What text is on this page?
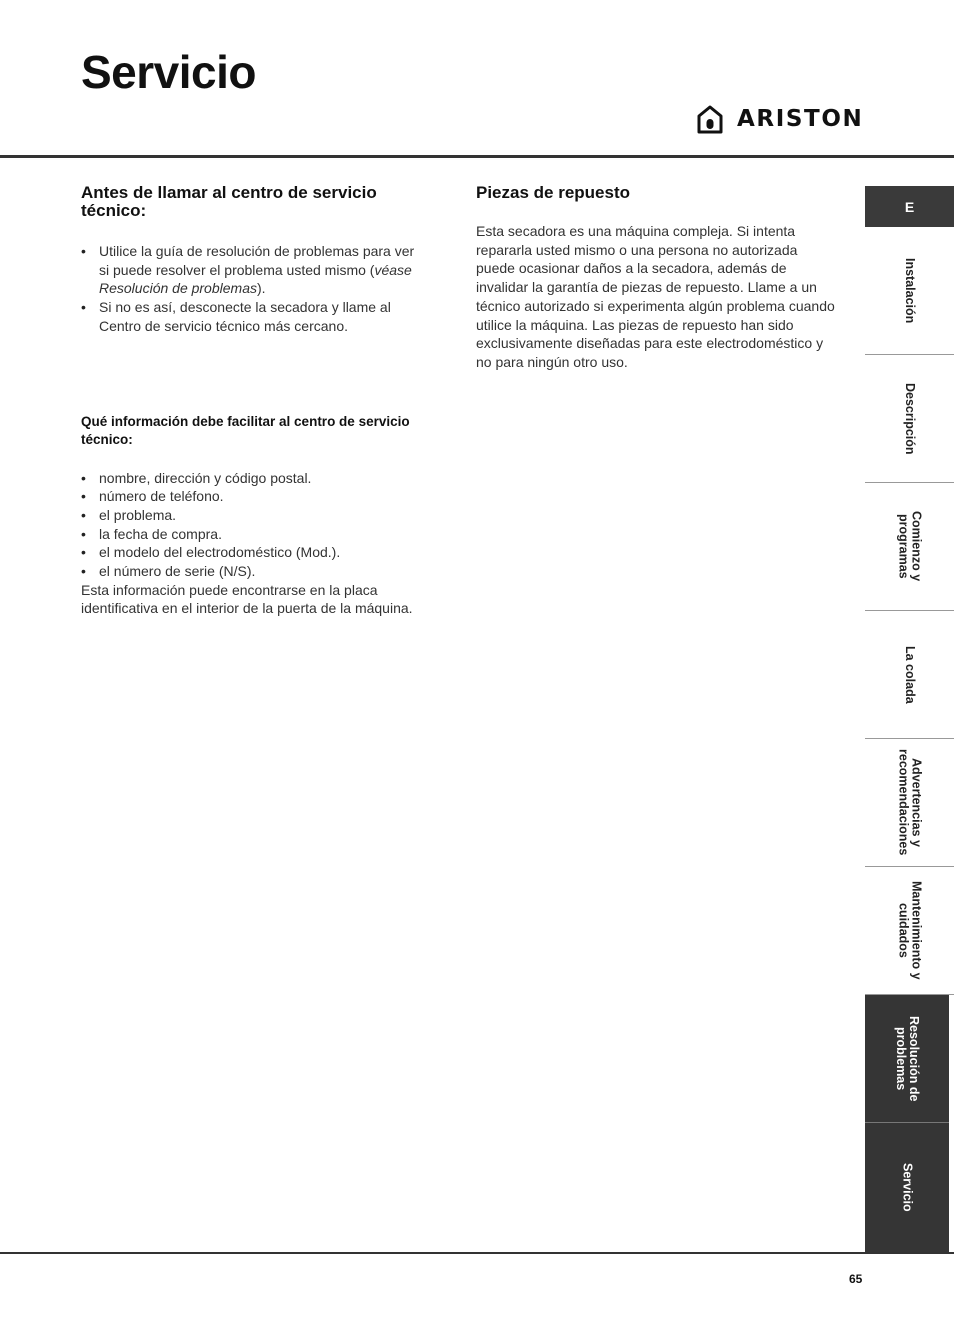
Servicio
ARISTON
Antes de llamar al centro de servicio técnico:
• Utilice la guía de resolución de problemas para ver si puede resolver el problema usted mismo (véase Resolución de problemas).
• Si no es así, desconecte la secadora y llame al Centro de servicio técnico más cercano.
Qué información debe facilitar al centro de servicio técnico:
• nombre, dirección y código postal.
• número de teléfono.
• el problema.
• la fecha de compra.
• el modelo del electrodoméstico (Mod.).
• el número de serie (N/S).

Esta información puede encontrarse en la placa identificativa en el interior de la puerta de la máquina.

Piezas de repuesto

Esta secadora es una máquina compleja. Si intenta repararla usted mismo o una persona no autorizada puede ocasionar daños a la secadora, además de invalidar la garantía de piezas de repuesto. Llame a un técnico autorizado si experimenta algún problema cuando utilice la máquina. Las piezas de repuesto han sido exclusivamente diseñadas para este electrodoméstico y no para ningún otro uso.

E
Instalación
Descripción
Comienzo y programas
La colada
Advertencias y recomendaciones
Mantenimiento y cuidados
Resolución de problemas
Servicio
65
